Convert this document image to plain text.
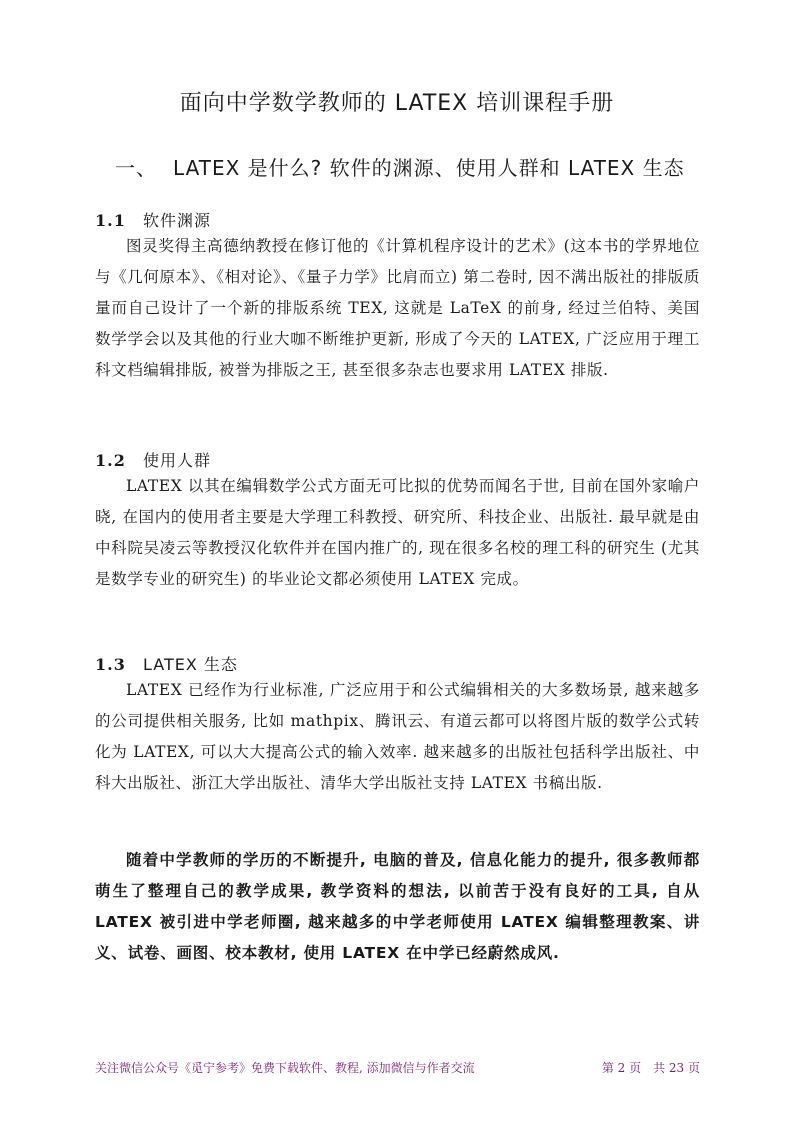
面向中学数学教师的 LATEX 培训课程手册
一、 LATEX 是什么? 软件的渊源、使用人群和 LATEX 生态
1.1 软件渊源
图灵奖得主高德纳教授在修订他的《计算机程序设计的艺术》(这本书的学界地位与《几何原本》、《相对论》、《量子力学》比肩而立) 第二卷时, 因不满出版社的排版质量而自己设计了一个新的排版系统 TEX, 这就是 LaTeX 的前身, 经过兰伯特、美国数学学会以及其他的行业大咖不断维护更新, 形成了今天的 LATEX, 广泛应用于理工科文档编辑排版, 被誉为排版之王, 甚至很多杂志也要求用 LATEX 排版.
1.2 使用人群
LATEX 以其在编辑数学公式方面无可比拟的优势而闻名于世, 目前在国外家喻户晓, 在国内的使用者主要是大学理工科教授、研究所、科技企业、出版社. 最早就是由中科院吴凌云等教授汉化软件并在国内推广的, 现在很多名校的理工科的研究生 (尤其是数学专业的研究生) 的毕业论文都必须使用 LATEX 完成。
1.3 LATEX 生态
LATEX 已经作为行业标准, 广泛应用于和公式编辑相关的大多数场景, 越来越多的公司提供相关服务, 比如 mathpix、腾讯云、有道云都可以将图片版的数学公式转化为 LATEX, 可以大大提高公式的输入效率. 越来越多的出版社包括科学出版社、中科大出版社、浙江大学出版社、清华大学出版社支持 LATEX 书稿出版.
随着中学教师的学历的不断提升, 电脑的普及, 信息化能力的提升, 很多教师都萌生了整理自己的教学成果, 教学资料的想法, 以前苦于没有良好的工具, 自从 LATEX 被引进中学老师圈, 越来越多的中学老师使用 LATEX 编辑整理教案、讲义、试卷、画图、校本教材, 使用 LATEX 在中学已经蔚然成风.
关注微信公众号《觅宁参考》免费下载软件、教程, 添加微信与作者交流	第 2 页　共 23 页
